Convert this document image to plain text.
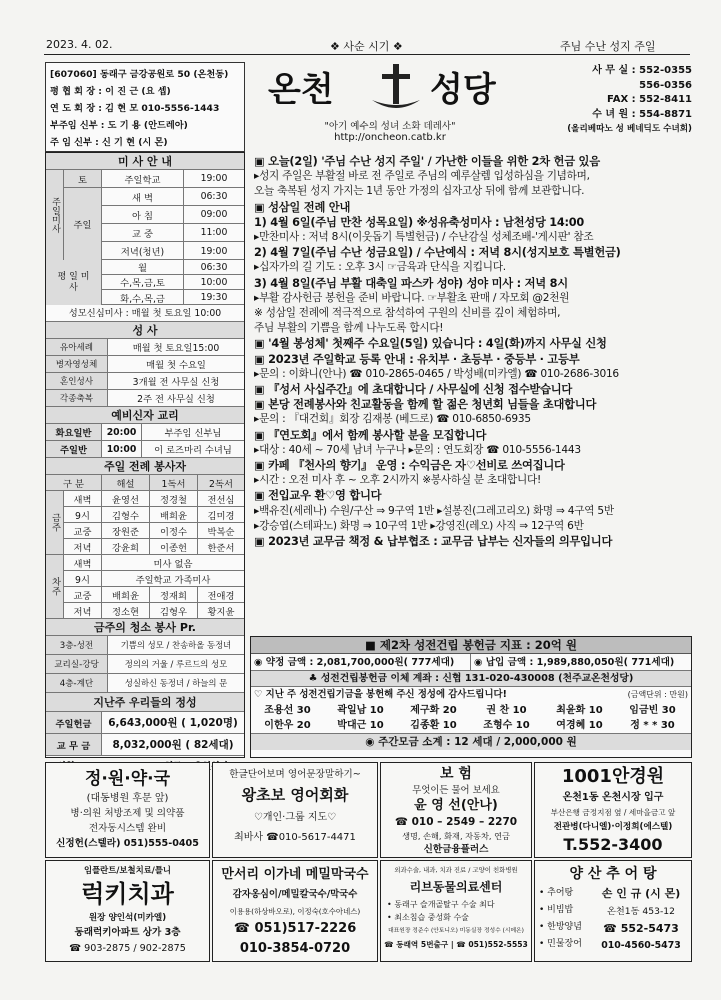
2023. 4. 02.	❖ 사순 시기 ❖	주님 수난 성지 주일
[607060] 동래구 금강공원로 50 (온천동)
평 협 회 장 : 이 진 근 (요 셉)
연 도 회 장 : 김 현 모 010-5556-1443
부주임 신부 : 도 기 용 (안드레아)
주 임 신부 : 신 기 현 (시 몬)
온천	성당
"아기 예수의 성녀 소화 데레사"
http://oncheon.catb.kr
사 무 실 : 552-0355
556-0356
FAX : 552-8411
수 녀 원 : 554-8871
(올리베따노 성 베네딕도 수녀회)
미 사 안 내
주일미사
토	주일학교	19:00
주일
새 벽	06:30
아 침	09:00
교 중	11:00
저녁(청년)	19:00
평 일 미 사
월	06:30
수,목,금,토	10:00
화,수,목,금	19:30
성모신심미사 : 매월 첫 토요일 10:00
성 사
유아세례	매월 첫 토요일15:00
병자영성체	매월 첫 수요일
혼인성사	3개월 전 사무실 신청
각종축복	2주 전 사무실 신청
예비신자 교리
화요일반	20:00	부주임 신부님
주일반	10:00	이 로즈마리 수녀님
주일 전례 봉사자
구 분	해설	1독서	2독서
금주
새벽	윤영선	정경철	전선심
9시	김형수	배희윤	김미경
교중	장원준	이정수	박복순
저녁	강윤희	이종헌	한준서
차주
새벽	미사 없음
9시	주일학교 가족미사
교중	배희윤	정재희	전애경
저녁	정소현	김형우	황지윤
금주의 청소 봉사 Pr.
3층-성전	기쁨의 성모 / 찬송하올 동정녀
교리실-강당	정의의 거울 / 루르드의 성모
4층-계단	성실하신 동정녀 / 하늘의 문
지난주 우리들의 정성
주일헌금	6,643,000원 ( 1,020명)
교 무 금	8,032,000원 ( 82세대)

▣ 오늘(2일) '주님 수난 성지 주일' / 가난한 이들을 위한 2차 헌금 있음

▸성지 주일은 부활절 바로 전 주일로 주님의 예루살렘 입성하심을 기념하며,

오늘 축복된 성지 가지는 1년 동안 가정의 십자고상 뒤에 함께 보관합니다.

▣ 성삼일 전례 안내

1) 4월 6일(주님 만찬 성목요일) ※성유축성미사 : 남천성당 14:00

▸만찬미사 : 저녁 8시(이웃돕기 특별헌금) / 수난감실 성체조배-'게시판' 참조

2) 4월 7일(주님 수난 성금요일) / 수난예식 : 저녁 8시(성지보호 특별헌금)

▸십자가의 길 기도 : 오후 3시 ☞금육과 단식을 지킵니다.

3) 4월 8일(주님 부활 대축일 파스카 성야) 성야 미사 : 저녁 8시

▸부활 감사헌금 봉헌을 준비 바랍니다. ☞부활초 판매 / 자모회 @2천원

※ 성삼일 전례에 적극적으로 참석하여 구원의 신비를 깊이 체험하며,

주님 부활의 기쁨을 함께 나누도록 합시다!

▣ '4월 봉성체' 첫째주 수요일(5일) 있습니다 : 4일(화)까지 사무실 신청

▣ 2023년 주일학교 등록 안내 : 유치부 · 초등부 · 중등부 · 고등부

▸문의 : 이화니(안나) ☎ 010-2865-0465 / 박성배(미카엘) ☎ 010-2686-3016

▣ 『성서 사십주간』에 초대합니다 / 사무실에 신청 접수받습니다

▣ 본당 전례봉사와 친교활동을 함께 할 젊은 청년회 님들을 초대합니다

▸문의 : 『대건회』회장 김재봉 (베드로) ☎ 010-6850-6935

▣ 『연도회』에서 함께 봉사할 분을 모집합니다

▸대상 : 40세 ~ 70세 남녀 누구나 ▸문의 : 연도회장 ☎ 010-5556-1443

▣ 카페 『천사의 향기』 운영 : 수익금은 자♡선비로 쓰여집니다

▸시간 : 오전 미사 후 ~ 오후 2시까지 ※봉사하실 분 초대합니다!

▣ 전입교우 환♡영 합니다

▸백유진(세레나) 수원/구산 ⇒ 9구역 1반 ▸설봉진(그레고리오) 화명 ⇒ 4구역 5반

▸강승엽(스테파노) 화명 ⇒ 10구역 1반 ▸강영진(레오) 사직 ⇒ 12구역 6반

▣ 2023년 교무금 책정 & 납부협조 : 교무금 납부는 신자들의 의무입니다

■ 제2차 성전건립 봉헌금 지표 : 20억 원
◉ 약정 금액 : 2,081,700,000원( 777세대)	◉ 납입 금액 : 1,989,880,050원( 771세대)
♣ 성전건립봉헌금 이체 계좌 : 신협 131-020-430008 (천주교온천성당)
♡ 지난 주 성전건립기금을 봉헌해 주신 정성에 감사드립니다!	(금액단위 : 만원)
조용선 30	곽일남 10	제구화 20	권 찬 10	최윤화 10	임금빈 30
이한우 20	박대근 10	김종환 10	조형수 10	여경혜 10	정 * * 30
◉ 주간모금 소계 : 12 세대 / 2,000,000 원
정·원·약·국
(대동병원 후문 앞)
병·의원 처방조제 및 의약품
전자동시스템 완비
신정헌(스텔라) 051)555-0405
한글단어보며 영어문장말하기~
왕초보 영어회화
♡개인·그룹 지도♡
최바사 ☎010-5617-4471
보 험
무엇이든 물어 보세요
윤 영 선(안나)
☎ 010 – 2549 – 2270
생명, 손해, 화재, 자동차, 연금
신한금융플러스
1001안경원
온천1동 온천시장 입구
부산은행 금정지점 옆 / 세마을금고 앞
전관병(다니엘)·이정희(에스텔)
T.552-3400
임플란트/보철치료/틀니
럭키치과
원장 양인석(미카엘)
동래럭키아파트 상가 3층
☎ 903-2875 / 902-2875
만서리 이가네 메밀막국수
감자옹심이/메밀칼국수/막국수
이용용(하상바오로), 이정숙(호수아네스)
☎ 051)517-2226
010-3854-0720
외과수술, 내과, 치과 진료 / 고양이 친화병원
리브동물의료센터
• 동래구 슬개골탈구 수술 최다
• 최소침습 중성화 수술
대표원장 정준수 (안토니오) 미동실장 정성수 (시메온)
☎ 동래역 5번출구 | ☎ 051)552-5553
양 산 추 어 탕
• 추어탕
• 비빔밥
• 한방양념
• 민물장어
손 인 규 (시 몬)
온천1동 453-12
☎ 552-5473
010-4560-5473
